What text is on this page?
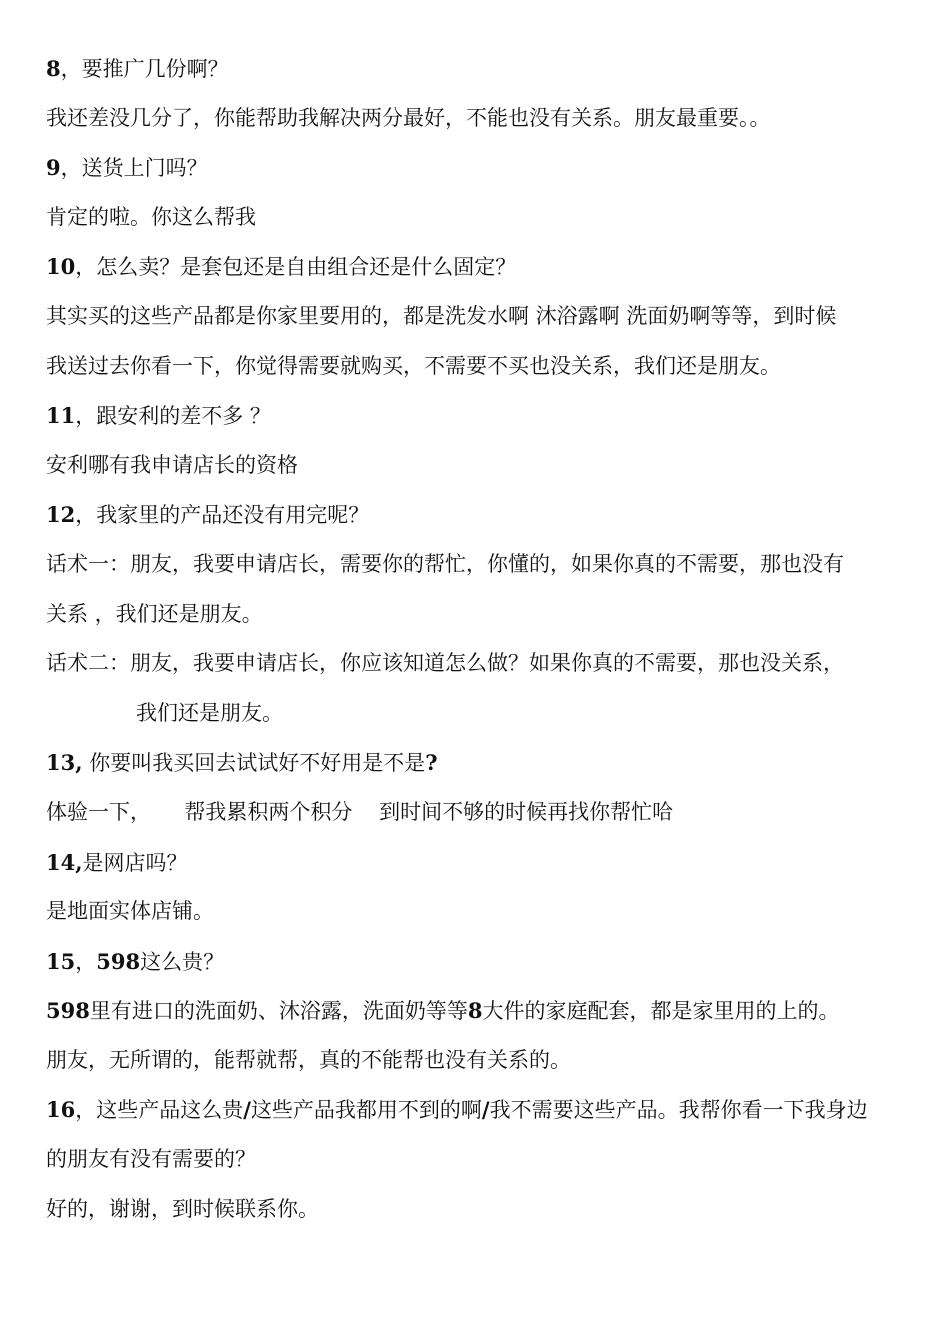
8，要推广几份啊？
我还差没几分了，你能帮助我解决两分最好，不能也没有关系。朋友最重要。。
9，送货上门吗？
肯定的啦。你这么帮我
10，怎么卖？是套包还是自由组合还是什么固定？
其实买的这些产品都是你家里要用的，都是洗发水啊 沐浴露啊 洗面奶啊等等，到时候
我送过去你看一下，你觉得需要就购买，不需要不买也没关系，我们还是朋友。
11，跟安利的差不多 ？
安利哪有我申请店长的资格
12，我家里的产品还没有用完呢？
话术一：朋友，我要申请店长，需要你的帮忙，你懂的，如果你真的不需要，那也没有
关系 ，我们还是朋友。
话术二：朋友，我要申请店长，你应该知道怎么做？如果你真的不需要，那也没关系，
我们还是朋友。
13, 你要叫我买回去试试好不好用是不是?
体验一下，     帮我累积两个积分    到时间不够的时候再找你帮忙哈
14,是网店吗？
是地面实体店铺。
15，598这么贵？
598里有进口的洗面奶、沐浴露，洗面奶等等8大件的家庭配套，都是家里用的上的。
朋友，无所谓的，能帮就帮，真的不能帮也没有关系的。
16，这些产品这么贵/这些产品我都用不到的啊/我不需要这些产品。我帮你看一下我身边
的朋友有没有需要的？
好的，谢谢，到时候联系你。
